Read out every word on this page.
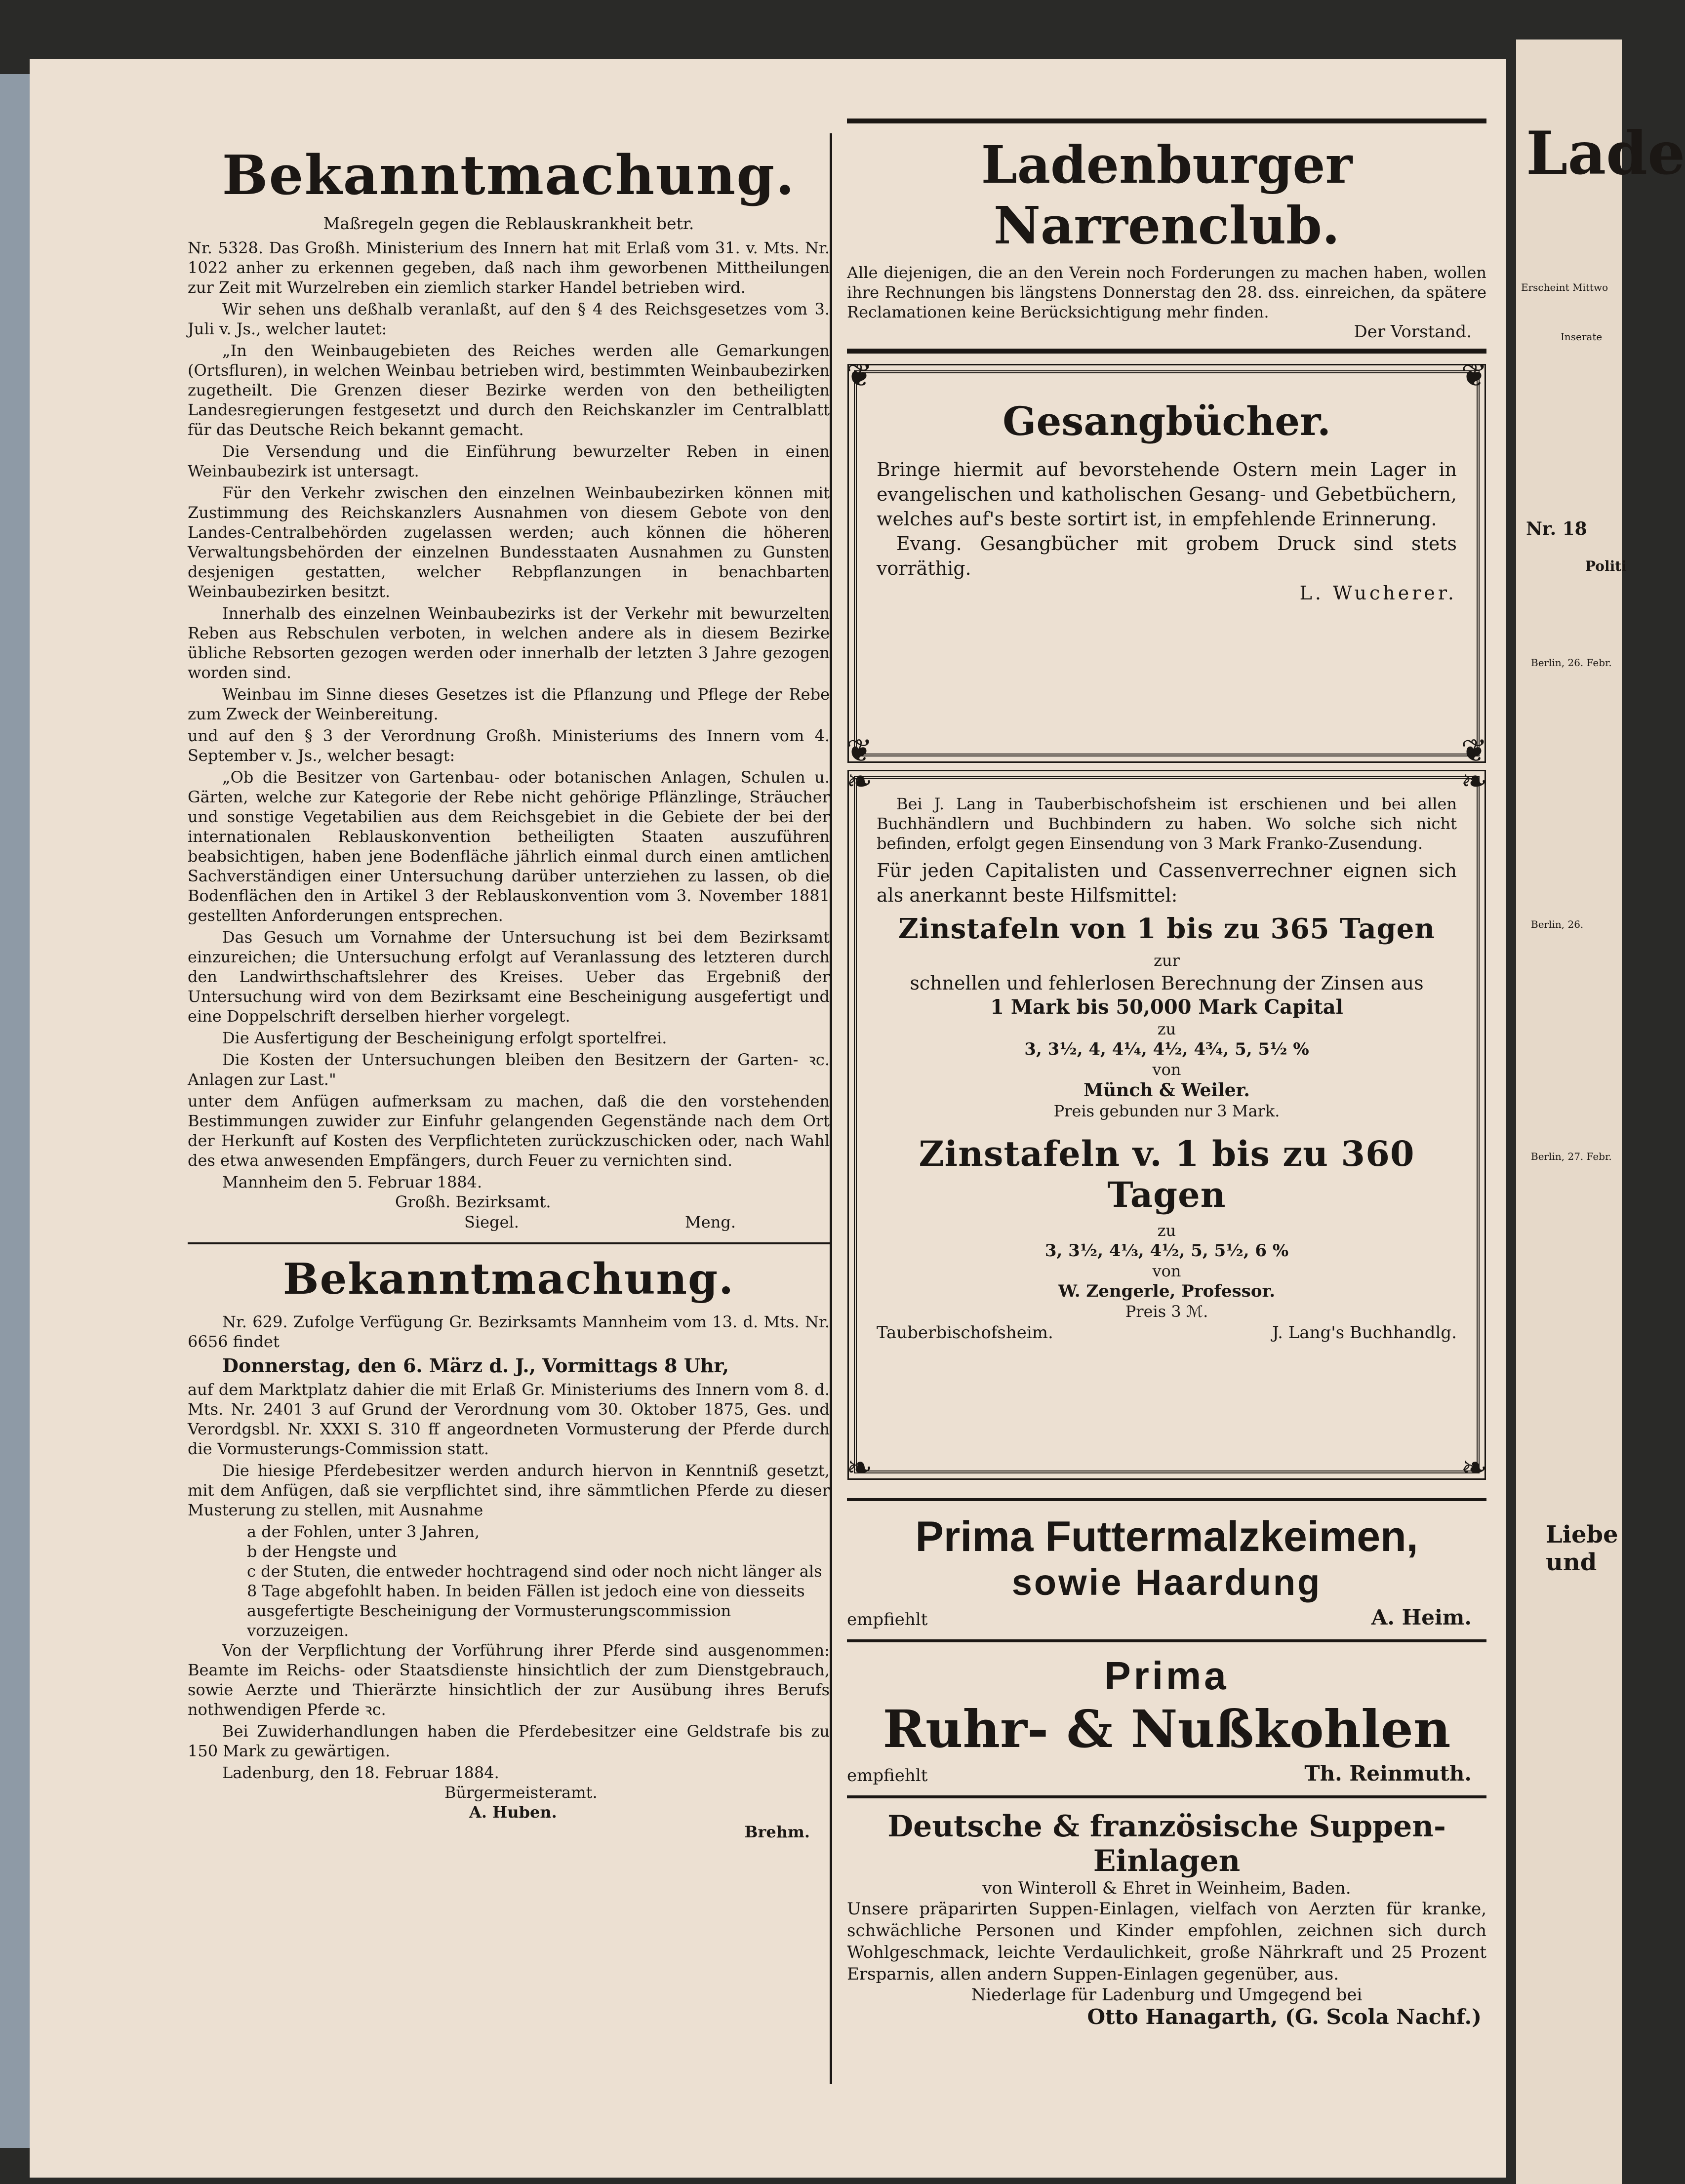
Bekanntmachung.
Maßregeln gegen die Reblauskrankheit betr.

Nr. 5328. Das Großh. Ministerium des Innern hat mit Erlaß vom 31. v. Mts. Nr. 1022 anher zu erkennen gegeben, daß nach ihm geworbenen Mittheilungen zur Zeit mit Wurzelreben ein ziemlich starker Handel betrieben wird.

Wir sehen uns deßhalb veranlaßt, auf den § 4 des Reichsgesetzes vom 3. Juli v. Js., welcher lautet:

„In den Weinbaugebieten des Reiches werden alle Gemarkungen (Ortsfluren), in welchen Weinbau betrieben wird, bestimmten Weinbaubezirken zugetheilt. Die Grenzen dieser Bezirke werden von den betheiligten Landesregierungen festgesetzt und durch den Reichskanzler im Centralblatt für das Deutsche Reich bekannt gemacht.

Die Versendung und die Einführung bewurzelter Reben in einen Weinbaubezirk ist untersagt.

Für den Verkehr zwischen den einzelnen Weinbaubezirken können mit Zustimmung des Reichskanzlers Ausnahmen von diesem Gebote von den Landes-Centralbehörden zugelassen werden; auch können die höheren Verwaltungsbehörden der einzelnen Bundesstaaten Ausnahmen zu Gunsten desjenigen gestatten, welcher Rebpflanzungen in benachbarten Weinbaubezirken besitzt.

Innerhalb des einzelnen Weinbaubezirks ist der Verkehr mit bewurzelten Reben aus Rebschulen verboten, in welchen andere als in diesem Bezirke übliche Rebsorten gezogen werden oder innerhalb der letzten 3 Jahre gezogen worden sind.

Weinbau im Sinne dieses Gesetzes ist die Pflanzung und Pflege der Rebe zum Zweck der Weinbereitung.

und auf den § 3 der Verordnung Großh. Ministeriums des Innern vom 4. September v. Js., welcher besagt:

„Ob die Besitzer von Gartenbau- oder botanischen Anlagen, Schulen u. Gärten, welche zur Kategorie der Rebe nicht gehörige Pflänzlinge, Sträucher und sonstige Vegetabilien aus dem Reichsgebiet in die Gebiete der bei der internationalen Reblauskonvention betheiligten Staaten auszuführen beabsichtigen, haben jene Bodenfläche jährlich einmal durch einen amtlichen Sachverständigen einer Untersuchung darüber unterziehen zu lassen, ob die Bodenflächen den in Artikel 3 der Reblauskonvention vom 3. November 1881 gestellten Anforderungen entsprechen.

Das Gesuch um Vornahme der Untersuchung ist bei dem Bezirksamt einzureichen; die Untersuchung erfolgt auf Veranlassung des letzteren durch den Landwirthschaftslehrer des Kreises. Ueber das Ergebniß der Untersuchung wird von dem Bezirksamt eine Bescheinigung ausgefertigt und eine Doppelschrift derselben hierher vorgelegt.

Die Ausfertigung der Bescheinigung erfolgt sportelfrei.

Die Kosten der Untersuchungen bleiben den Besitzern der Garten- ꝛc. Anlagen zur Last."

unter dem Anfügen aufmerksam zu machen, daß die den vorstehenden Bestimmungen zuwider zur Einfuhr gelangenden Gegenstände nach dem Ort der Herkunft auf Kosten des Verpflichteten zurückzuschicken oder, nach Wahl des etwa anwesenden Empfängers, durch Feuer zu vernichten sind.

Mannheim den 5. Februar 1884.

Großh. Bezirksamt.

Siegel.	Meng.
Bekanntmachung.

Nr. 629. Zufolge Verfügung Gr. Bezirksamts Mannheim vom 13. d. Mts. Nr. 6656 findet

Donnerstag, den 6. März d. J., Vormittags 8 Uhr,

auf dem Marktplatz dahier die mit Erlaß Gr. Ministeriums des Innern vom 8. d. Mts. Nr. 2401 3 auf Grund der Verordnung vom 30. Oktober 1875, Ges. und Verordgsbl. Nr. XXXI S. 310 ff angeordneten Vormusterung der Pferde durch die Vormusterungs-Commission statt.

Die hiesige Pferdebesitzer werden andurch hiervon in Kenntniß gesetzt, mit dem Anfügen, daß sie verpflichtet sind, ihre sämmtlichen Pferde zu dieser Musterung zu stellen, mit Ausnahme

a der Fohlen, unter 3 Jahren,
b der Hengste und
c der Stuten, die entweder hochtragend sind oder noch nicht länger als 8 Tage abgefohlt haben. In beiden Fällen ist jedoch eine von diesseits ausgefertigte Bescheinigung der Vormusterungscommission vorzuzeigen.

Von der Verpflichtung der Vorführung ihrer Pferde sind ausgenommen: Beamte im Reichs- oder Staatsdienste hinsichtlich der zum Dienstgebrauch, sowie Aerzte und Thierärzte hinsichtlich der zur Ausübung ihres Berufs nothwendigen Pferde ꝛc.

Bei Zuwiderhandlungen haben die Pferdebesitzer eine Geldstrafe bis zu 150 Mark zu gewärtigen.

Ladenburg, den 18. Februar 1884.

Bürgermeisteramt.

A. Huben.

Brehm.

Ladenburger Narrenclub.
Alle diejenigen, die an den Verein noch Forderungen zu machen haben, wollen ihre Rechnungen bis längstens Donnerstag den 28. dss. einreichen, da spätere Reclamationen keine Berücksichtigung mehr finden.
Der Vorstand.
❦	❦
❦	❦
Gesangbücher.
Bringe hiermit auf bevorstehende Ostern mein Lager in evangelischen und katholischen Gesang- und Gebetbüchern, welches auf's beste sortirt ist, in empfehlende Erinnerung.
Evang. Gesangbücher mit grobem Druck sind stets vorräthig.
L. Wucherer.
❧	❧
❧	❧
Bei J. Lang in Tauberbischofsheim ist erschienen und bei allen Buchhändlern und Buchbindern zu haben. Wo solche sich nicht befinden, erfolgt gegen Einsendung von 3 Mark Franko-Zusendung.
Für jeden Capitalisten und Cassenverrechner eignen sich als anerkannt beste Hilfsmittel:
Zinstafeln von 1 bis zu 365 Tagen
zur
schnellen und fehlerlosen Berechnung der Zinsen aus
1 Mark bis 50,000 Mark Capital
zu
3, 3½, 4, 4¼, 4½, 4¾, 5, 5½ %
von
Münch & Weiler.
Preis gebunden nur 3 Mark.
Zinstafeln v. 1 bis zu 360 Tagen
zu
3, 3½, 4⅓, 4½, 5, 5½, 6 %
von
W. Zengerle, Professor.
Preis 3 ℳ.
Tauberbischofsheim.	J. Lang's Buchhandlg.
Prima Futtermalzkeimen,
sowie Haardung
empfiehlt	A. Heim.
Prima
Ruhr- & Nußkohlen
empfiehlt	Th. Reinmuth.
Deutsche & französische Suppen-Einlagen
von Winteroll & Ehret in Weinheim, Baden.
Unsere präparirten Suppen-Einlagen, vielfach von Aerzten für kranke, schwächliche Personen und Kinder empfohlen, zeichnen sich durch Wohlgeschmack, leichte Verdaulichkeit, große Nährkraft und 25 Prozent Ersparnis, allen andern Suppen-Einlagen gegenüber, aus.
Niederlage für Ladenburg und Umgegend bei
Otto Hanagarth, (G. Scola Nachf.)
Lade
Erscheint Mittwo
Inserate
Nr. 18
Politi
Berlin, 26. Febr.
Berlin, 26.
Berlin, 27. Febr.
Liebe und
